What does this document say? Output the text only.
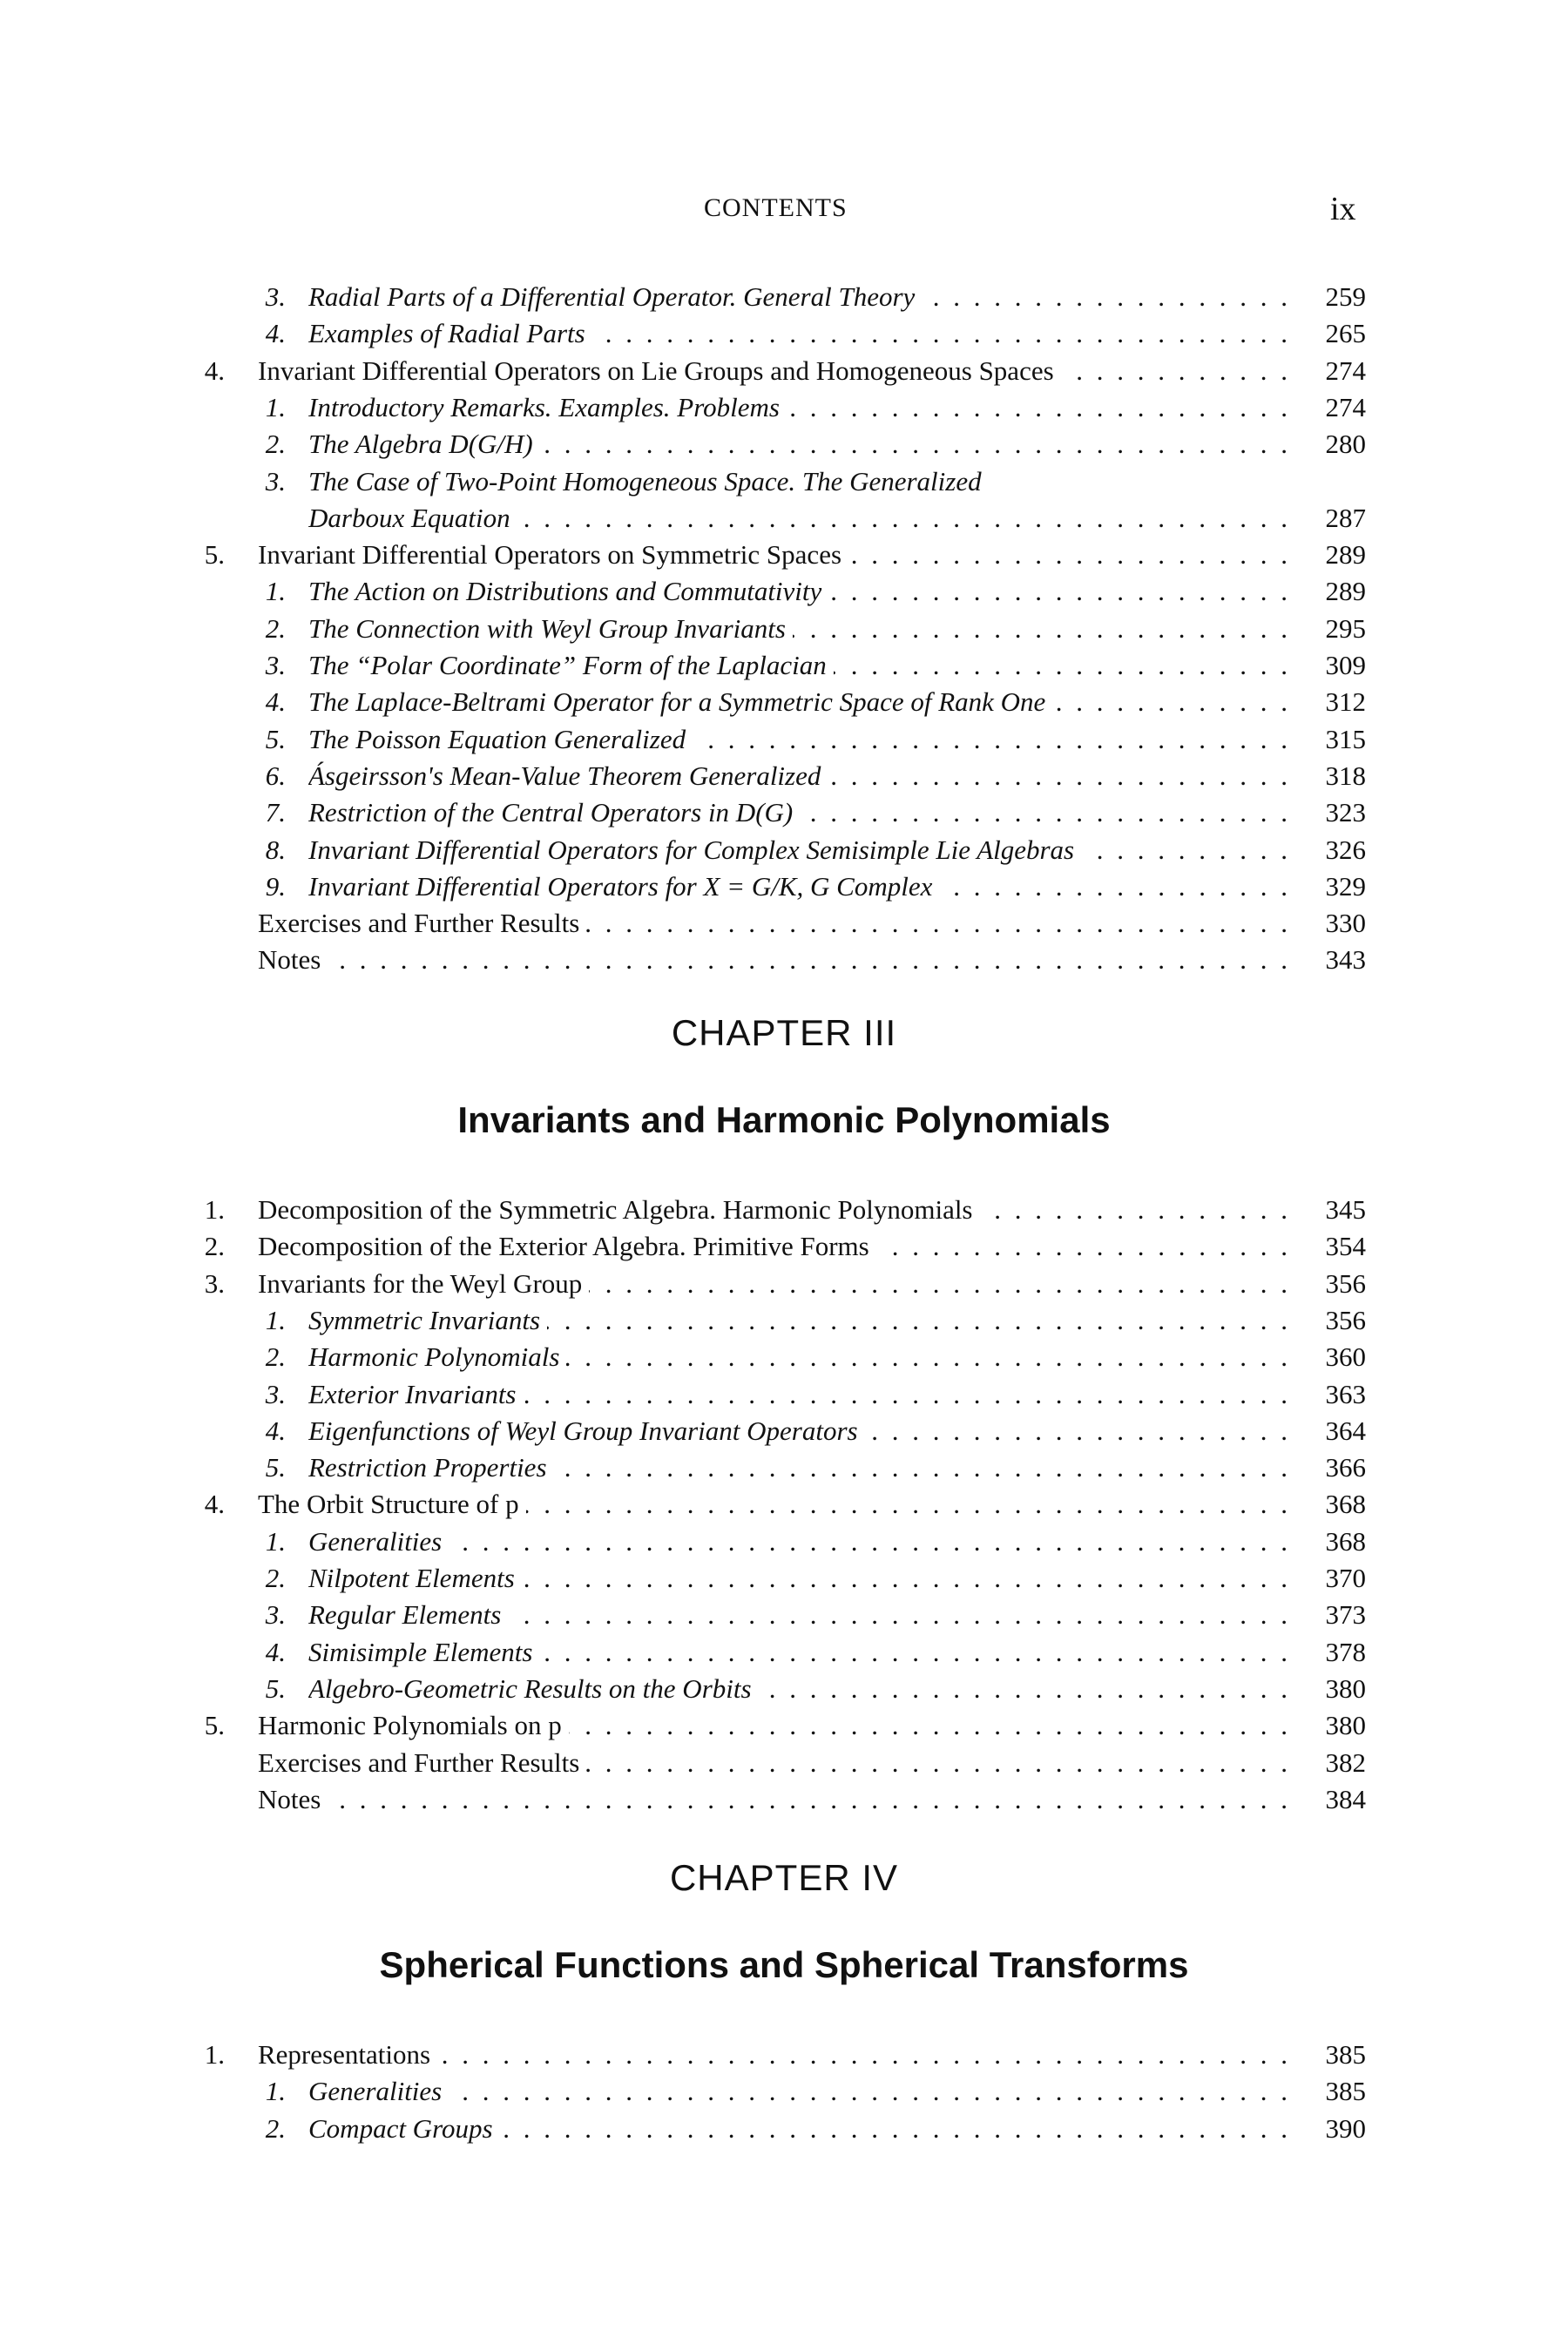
CONTENTS	ix
3. Radial Parts of a Differential Operator. General Theory . . .	259
4. Examples of Radial Parts . . .	265
4. Invariant Differential Operators on Lie Groups and Homogeneous Spaces . . .	274
1. Introductory Remarks. Examples. Problems . . .	274
2. The Algebra D(G/H) . . .	280
3. The Case of Two-Point Homogeneous Space. The Generalized
Darboux Equation . . .	287
5. Invariant Differential Operators on Symmetric Spaces . . .	289
1. The Action on Distributions and Commutativity . . .	289
2. The Connection with Weyl Group Invariants . . .	295
3. The “Polar Coordinate” Form of the Laplacian . . .	309
4. The Laplace-Beltrami Operator for a Symmetric Space of Rank One . . .	312
5. The Poisson Equation Generalized . . .	315
6. Ásgeirsson's Mean-Value Theorem Generalized . . .	318
7. Restriction of the Central Operators in D(G) . . .	323
8. Invariant Differential Operators for Complex Semisimple Lie Algebras . . .	326
9. Invariant Differential Operators for X = G/K, G Complex . . .	329
Exercises and Further Results . . .	330
Notes . . .	343
CHAPTER III
Invariants and Harmonic Polynomials
1. Decomposition of the Symmetric Algebra. Harmonic Polynomials . . .	345
2. Decomposition of the Exterior Algebra. Primitive Forms . . .	354
3. Invariants for the Weyl Group . . .	356
1. Symmetric Invariants . . .	356
2. Harmonic Polynomials . . .	360
3. Exterior Invariants . . .	363
4. Eigenfunctions of Weyl Group Invariant Operators . . .	364
5. Restriction Properties . . .	366
4. The Orbit Structure of p . . .	368
1. Generalities . . .	368
2. Nilpotent Elements . . .	370
3. Regular Elements . . .	373
4. Simisimple Elements . . .	378
5. Algebro-Geometric Results on the Orbits . . .	380
5. Harmonic Polynomials on p . . .	380
Exercises and Further Results . . .	382
Notes . . .	384
CHAPTER IV
Spherical Functions and Spherical Transforms
1. Representations . . .	385
1. Generalities . . .	385
2. Compact Groups . . .	390
